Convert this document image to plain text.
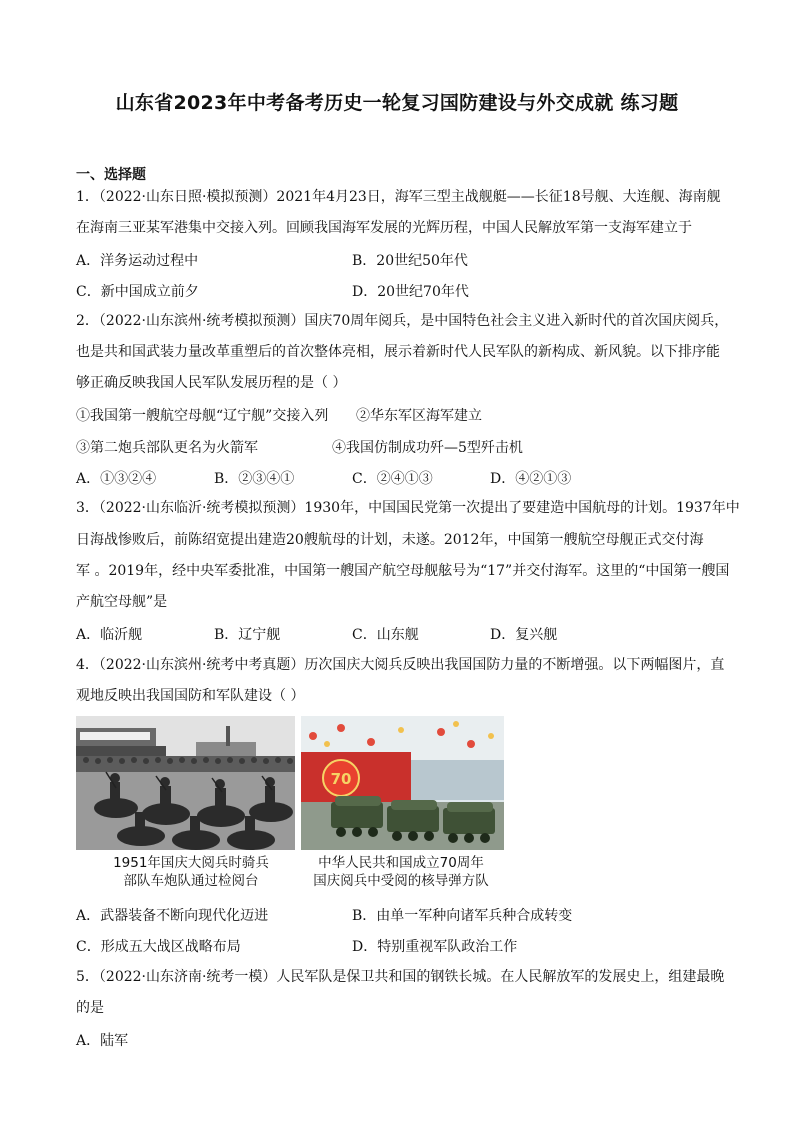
山东省2023年中考备考历史一轮复习国防建设与外交成就 练习题
一、选择题
1．（2022·山东日照·模拟预测）2021年4月23日，海军三型主战舰艇——长征18号舰、大连舰、海南舰
在海南三亚某军港集中交接入列。回顾我国海军发展的光辉历程，中国人民解放军第一支海军建立于
A．洋务运动过程中	B．20世纪50年代
C．新中国成立前夕	D．20世纪70年代
2．（2022·山东滨州·统考模拟预测）国庆70周年阅兵，是中国特色社会主义进入新时代的首次国庆阅兵，
也是共和国武装力量改革重塑后的首次整体亮相，展示着新时代人民军队的新构成、新风貌。以下排序能
够正确反映我国人民军队发展历程的是（ ）
①我国第一艘航空母舰“辽宁舰”交接入列 ②华东军区海军建立
③第二炮兵部队更名为火箭军	④我国仿制成功歼—5型歼击机
A．①③②④	B．②③④①	C．②④①③	D．④②①③
3．（2022·山东临沂·统考模拟预测）1930年，中国国民党第一次提出了要建造中国航母的计划。1937年中
日海战惨败后，前陈绍宽提出建造20艘航母的计划，未遂。2012年，中国第一艘航空母舰正式交付海
军 。2019年，经中央军委批准，中国第一艘国产航空母舰舷号为“17”并交付海军。这里的“中国第一艘国
产航空母舰”是
A．临沂舰	B．辽宁舰	C．山东舰	D．复兴舰
4．（2022·山东滨州·统考中考真题）历次国庆大阅兵反映出我国国防力量的不断增强。以下两幅图片，直
观地反映出我国国防和军队建设（ ）
70
1951年国庆大阅兵时骑兵
部队车炮队通过检阅台
中华人民共和国成立70周年
国庆阅兵中受阅的核导弹方队
A．武器装备不断向现代化迈进	B．由单一军种向诸军兵种合成转变
C．形成五大战区战略布局	D．特别重视军队政治工作
5．（2022·山东济南·统考一模）人民军队是保卫共和国的钢铁长城。在人民解放军的发展史上，组建最晚
的是
A．陆军
